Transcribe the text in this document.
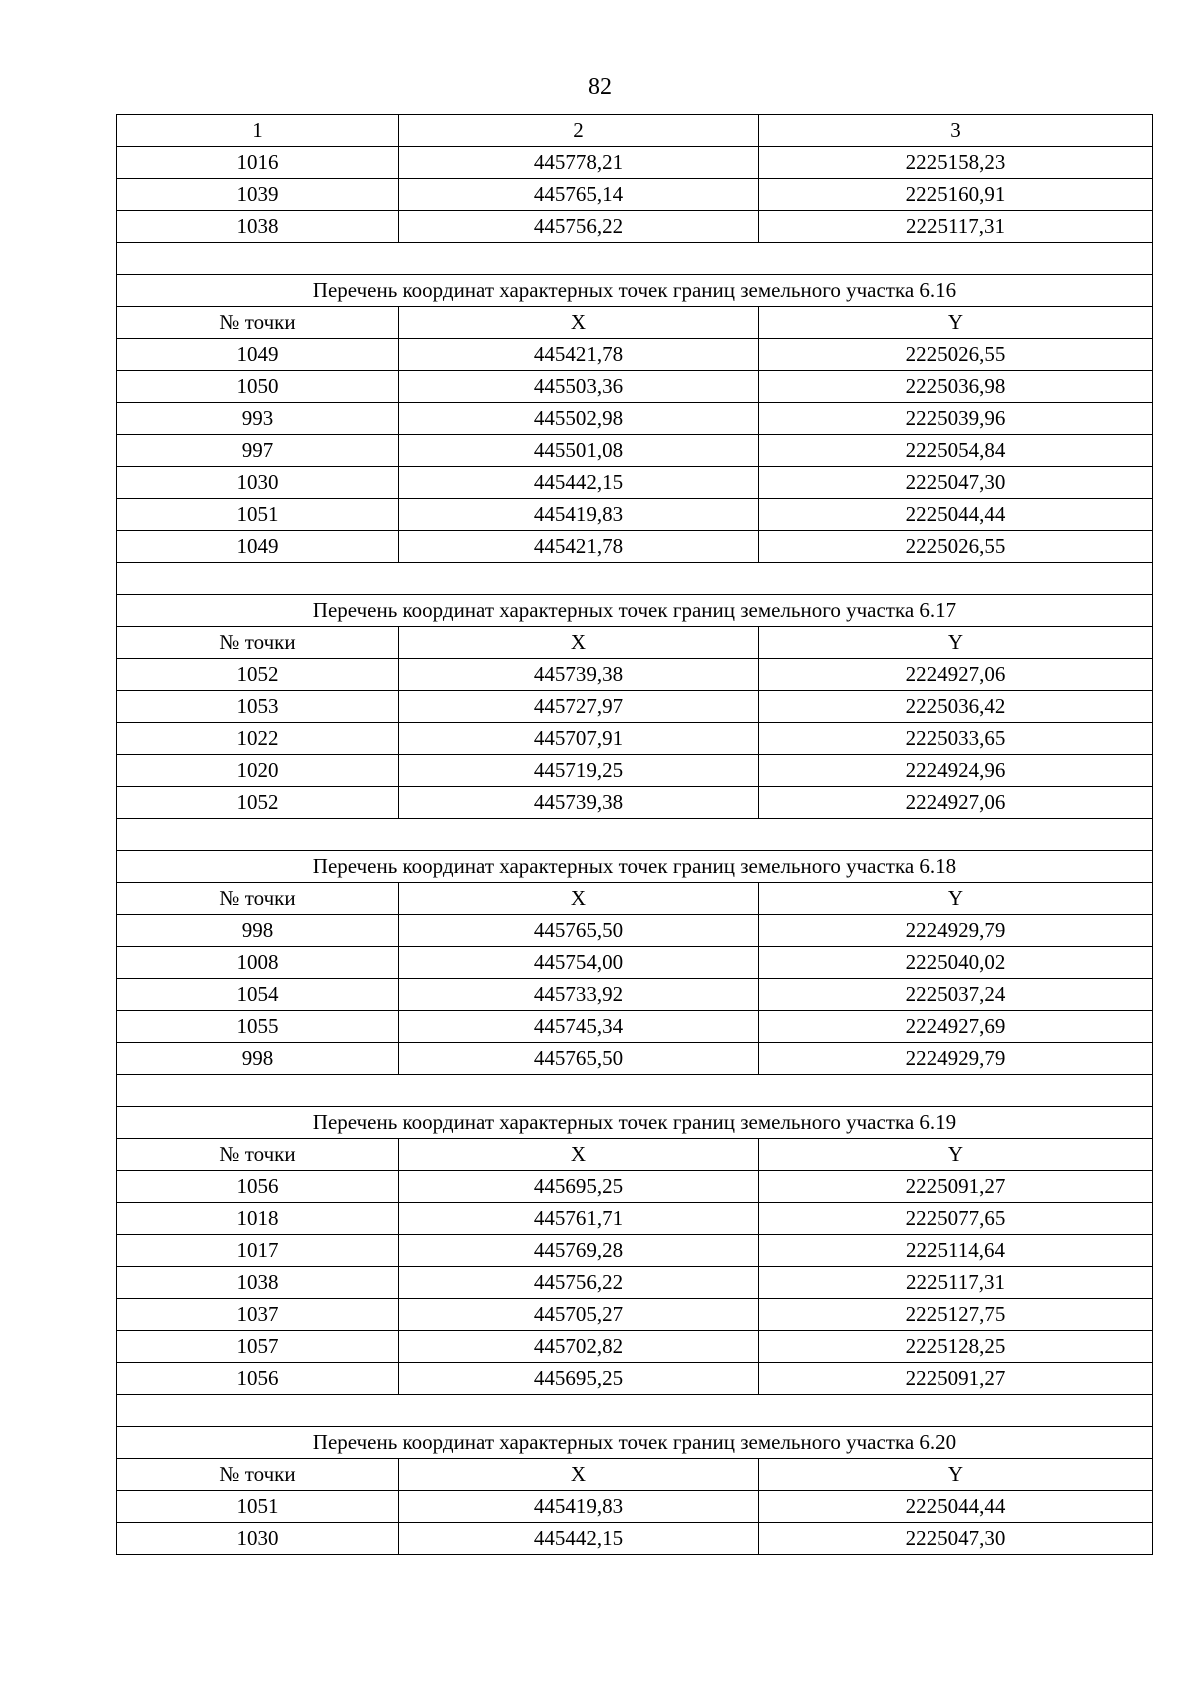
82
1	2	3
1016	445778,21	2225158,23
1039	445765,14	2225160,91
1038	445756,22	2225117,31

Перечень координат характерных точек границ земельного участка 6.16		
№ точки	X	Y
1049	445421,78	2225026,55
1050	445503,36	2225036,98
993	445502,98	2225039,96
997	445501,08	2225054,84
1030	445442,15	2225047,30
1051	445419,83	2225044,44
1049	445421,78	2225026,55

Перечень координат характерных точек границ земельного участка 6.17		
№ точки	X	Y
1052	445739,38	2224927,06
1053	445727,97	2225036,42
1022	445707,91	2225033,65
1020	445719,25	2224924,96
1052	445739,38	2224927,06

Перечень координат характерных точек границ земельного участка 6.18		
№ точки	X	Y
998	445765,50	2224929,79
1008	445754,00	2225040,02
1054	445733,92	2225037,24
1055	445745,34	2224927,69
998	445765,50	2224929,79

Перечень координат характерных точек границ земельного участка 6.19		
№ точки	X	Y
1056	445695,25	2225091,27
1018	445761,71	2225077,65
1017	445769,28	2225114,64
1038	445756,22	2225117,31
1037	445705,27	2225127,75
1057	445702,82	2225128,25
1056	445695,25	2225091,27

Перечень координат характерных точек границ земельного участка 6.20		
№ точки	X	Y
1051	445419,83	2225044,44
1030	445442,15	2225047,30
